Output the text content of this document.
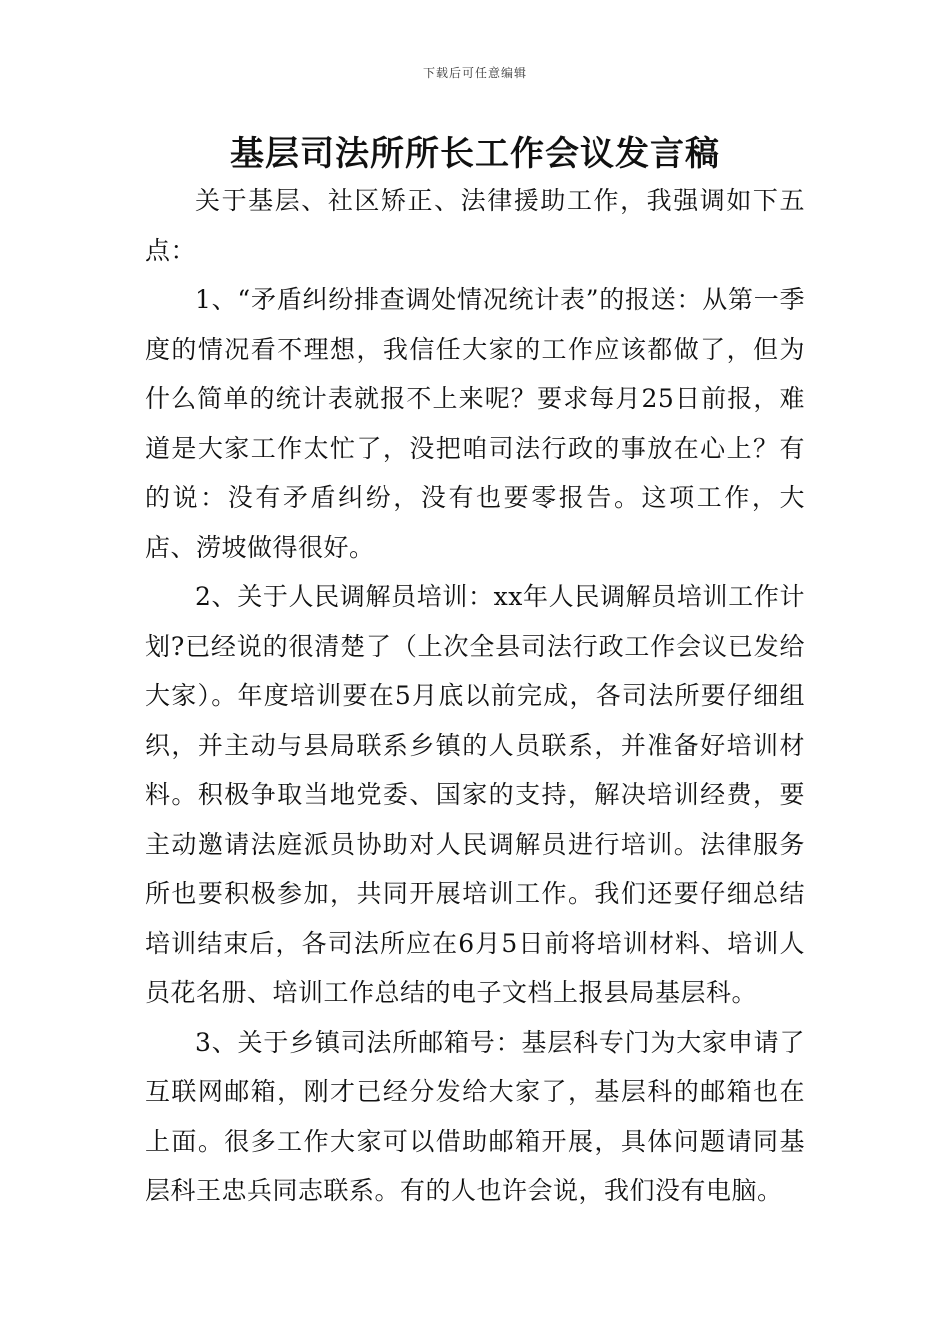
下载后可任意编辑
基层司法所所长工作会议发言稿

关于基层、社区矫正、法律援助工作，我强调如下五点：

1、“矛盾纠纷排查调处情况统计表”的报送：从第一季度的情况看不理想，我信任大家的工作应该都做了，但为什么简单的统计表就报不上来呢？要求每月25日前报，难道是大家工作太忙了，没把咱司法行政的事放在心上？有的说：没有矛盾纠纷，没有也要零报告。这项工作，大店、涝坡做得很好。

2、关于人民调解员培训：xx年人民调解员培训工作计划?已经说的很清楚了（上次全县司法行政工作会议已发给大家）。年度培训要在5月底以前完成，各司法所要仔细组织，并主动与县局联系乡镇的人员联系，并准备好培训材料。积极争取当地党委、国家的支持，解决培训经费，要主动邀请法庭派员协助对人民调解员进行培训。法律服务所也要积极参加，共同开展培训工作。我们还要仔细总结培训结束后，各司法所应在6月5日前将培训材料、培训人员花名册、培训工作总结的电子文档上报县局基层科。

3、关于乡镇司法所邮箱号：基层科专门为大家申请了互联网邮箱，刚才已经分发给大家了，基层科的邮箱也在上面。很多工作大家可以借助邮箱开展，具体问题请同基层科王忠兵同志联系。有的人也许会说，我们没有电脑。
